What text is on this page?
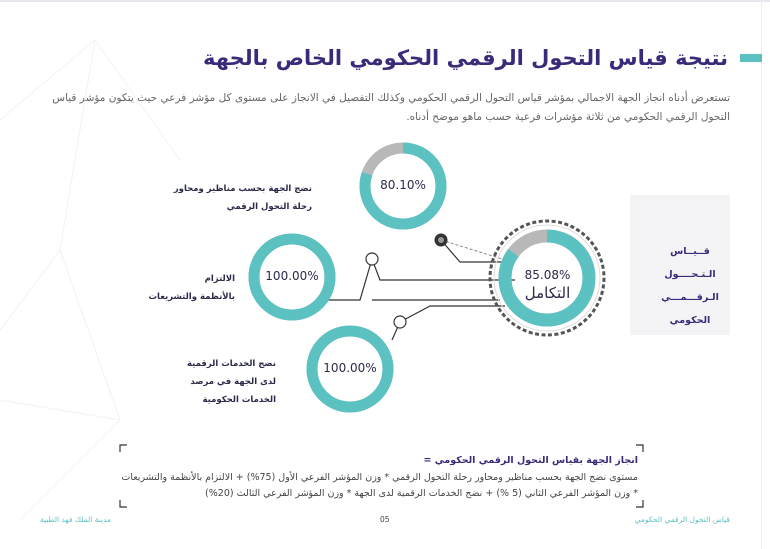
نتيجة قياس التحول الرقمي الحكومي الخاص بالجهة
تستعرض أدناه انجاز الجهة الاجمالي بمؤشر قياس التحول الرقمي الحكومي وكذلك التفصيل في الانجاز على مستوى كل مؤشر فرعي حيث يتكون مؤشر قياس التحول الرقمي الحكومي من ثلاثة مؤشرات فرعية حسب ماهو موضح أدناه.
80.10%
100.00%
100.00%
نضج الجهة بحسب مناظير ومحاور
رحلة التحول الرقمي
الالتزام
بالأنظمة والتشريعات
نضج الخدمات الرقمية
لدى الجهة في مرصد
الخدمات الحكومية
85.08%
التكامل
قــيــاس
الـتـحــــول
الـرقـــمـــي
الحكومي
انجاز الجهة بقياس التحول الرقمي الحكومي =
مستوى نضج الجهة بحسب مناظير ومحاور رحلة التحول الرقمي * وزن المؤشر الفرعي الأول (75%) + الالتزام بالأنظمة والتشريعات * وزن المؤشر الفرعي الثاني (5 %) + نضج الخدمات الرقمية لدى الجهة * وزن المؤشر الفرعي الثالث (20%)
مدينة الملك فهد الطبية	05	قياس التحول الرقمي الحكومي
